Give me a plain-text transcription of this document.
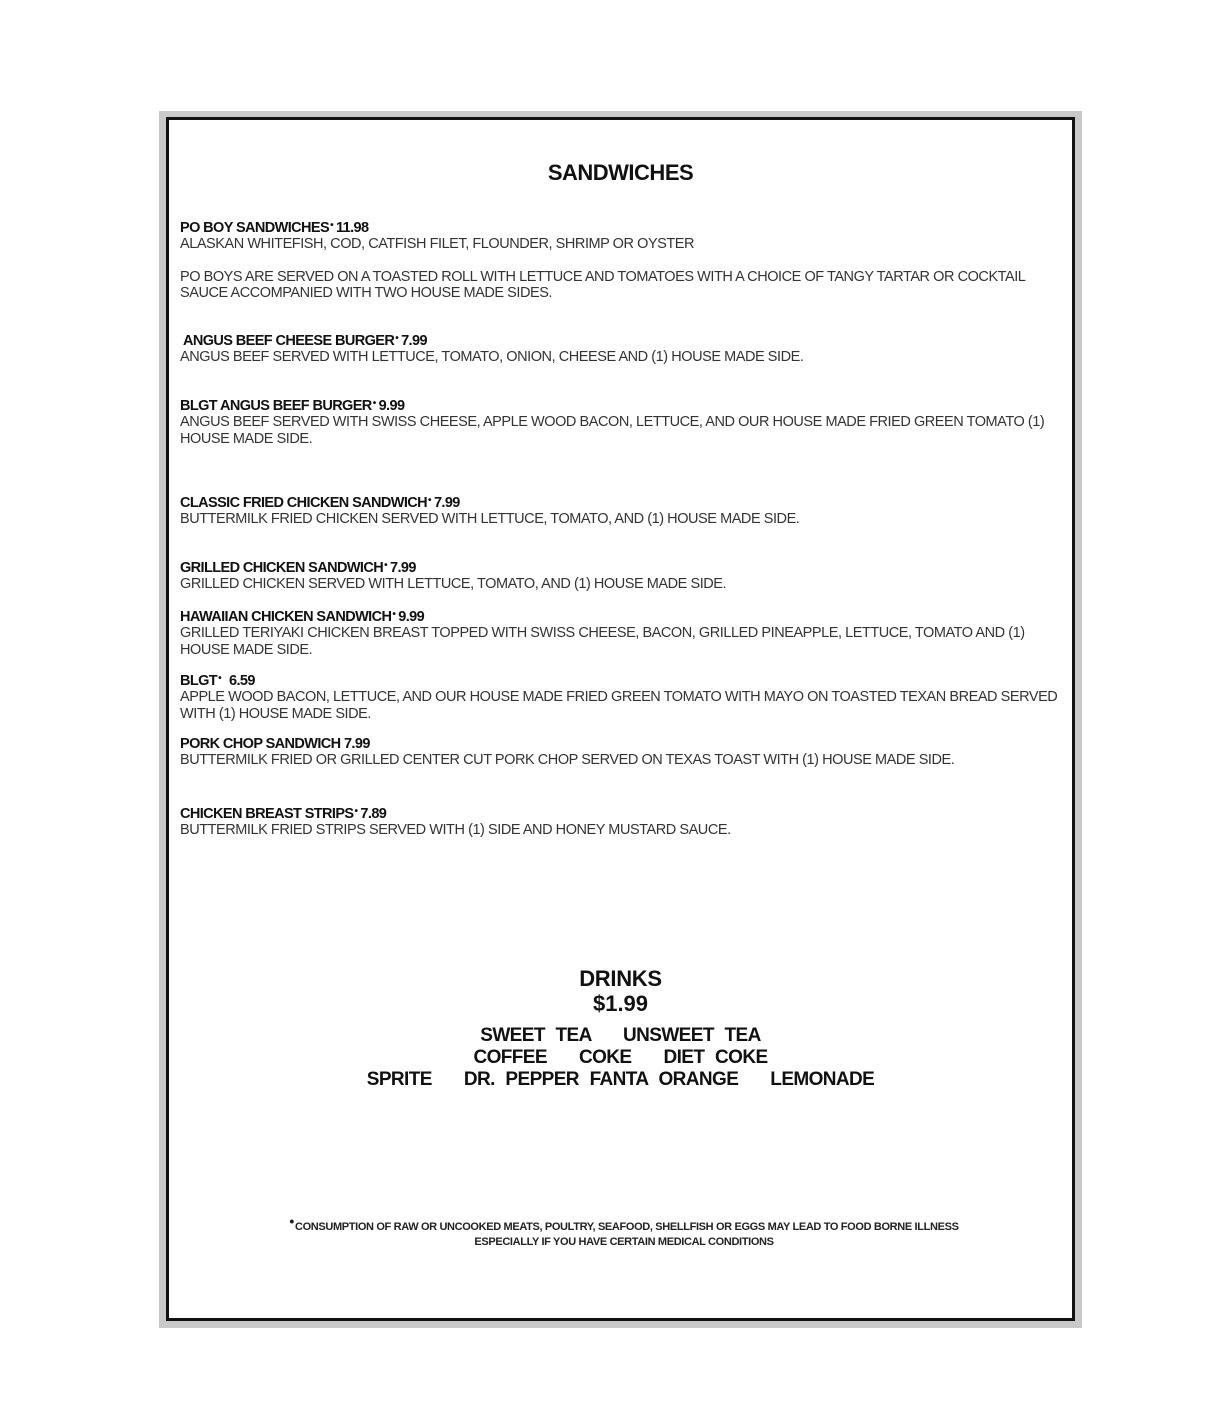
SANDWICHES
PO BOY SANDWICHES• 11.98
ALASKAN WHITEFISH, COD, CATFISH FILET, FLOUNDER, SHRIMP OR OYSTER
PO BOYS ARE SERVED ON A TOASTED ROLL WITH LETTUCE AND TOMATOES WITH A CHOICE OF TANGY TARTAR OR COCKTAIL SAUCE ACCOMPANIED WITH TWO HOUSE MADE SIDES.
ANGUS BEEF CHEESE BURGER• 7.99
ANGUS BEEF SERVED WITH LETTUCE, TOMATO, ONION, CHEESE AND (1) HOUSE MADE SIDE.
BLGT ANGUS BEEF BURGER• 9.99
ANGUS BEEF SERVED WITH SWISS CHEESE, APPLE WOOD BACON, LETTUCE, AND OUR HOUSE MADE FRIED GREEN TOMATO (1) HOUSE MADE SIDE.
CLASSIC FRIED CHICKEN SANDWICH• 7.99
BUTTERMILK FRIED CHICKEN SERVED WITH LETTUCE, TOMATO, AND (1) HOUSE MADE SIDE.
GRILLED CHICKEN SANDWICH• 7.99
GRILLED CHICKEN SERVED WITH LETTUCE, TOMATO, AND (1) HOUSE MADE SIDE.
HAWAIIAN CHICKEN SANDWICH• 9.99
GRILLED TERIYAKI CHICKEN BREAST TOPPED WITH SWISS CHEESE, BACON, GRILLED PINEAPPLE, LETTUCE, TOMATO AND (1) HOUSE MADE SIDE.
BLGT• 6.59
APPLE WOOD BACON, LETTUCE, AND OUR HOUSE MADE FRIED GREEN TOMATO WITH MAYO ON TOASTED TEXAN BREAD SERVED WITH (1) HOUSE MADE SIDE.
PORK CHOP SANDWICH 7.99
BUTTERMILK FRIED OR GRILLED CENTER CUT PORK CHOP SERVED ON TEXAS TOAST WITH (1) HOUSE MADE SIDE.
CHICKEN BREAST STRIPS• 7.89
BUTTERMILK FRIED STRIPS SERVED WITH (1) SIDE AND HONEY MUSTARD SAUCE.
DRINKS
$1.99
SWEET TEA   UNSWEET TEA
COFFEE   COKE   DIET COKE
SPRITE   DR. PEPPER FANTA ORANGE   LEMONADE
•CONSUMPTION OF RAW OR UNCOOKED MEATS, POULTRY, SEAFOOD, SHELLFISH OR EGGS MAY LEAD TO FOOD BORNE ILLNESS
ESPECIALLY IF YOU HAVE CERTAIN MEDICAL CONDITIONS
